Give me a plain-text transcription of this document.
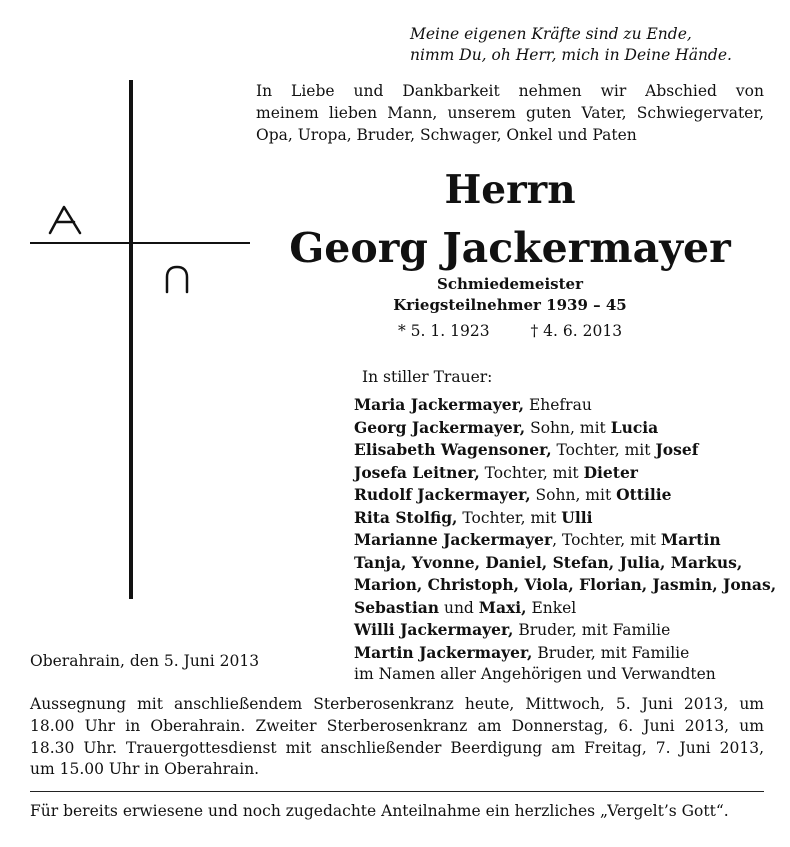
Meine eigenen Kräfte sind zu Ende,
nimm Du, oh Herr, mich in Deine Hände.
In Liebe und Dankbarkeit nehmen wir Abschied von
meinem lieben Mann, unserem guten Vater, Schwiegervater,
Opa, Uropa, Bruder, Schwager, Onkel und Paten
Herrn
Georg Jackermayer
Schmiedemeister
Kriegsteilnehmer 1939 – 45
* 5. 1. 1923	† 4. 6. 2013
In stiller Trauer:
Maria Jackermayer, Ehefrau
Georg Jackermayer, Sohn, mit Lucia
Elisabeth Wagensoner, Tochter, mit Josef
Josefa Leitner, Tochter, mit Dieter
Rudolf Jackermayer, Sohn, mit Ottilie
Rita Stolfig, Tochter, mit Ulli
Marianne Jackermayer, Tochter, mit Martin
Tanja, Yvonne, Daniel, Stefan, Julia, Markus,
Marion, Christoph, Viola, Florian, Jasmin, Jonas,
Sebastian und Maxi, Enkel
Willi Jackermayer, Bruder, mit Familie
Martin Jackermayer, Bruder, mit Familie
im Namen aller Angehörigen und Verwandten
Oberahrain, den 5. Juni 2013
Aussegnung mit anschließendem Sterberosenkranz heute, Mittwoch, 5. Juni 2013, um
18.00 Uhr in Oberahrain. Zweiter Sterberosenkranz am Donnerstag, 6. Juni 2013, um
18.30 Uhr. Trauergottesdienst mit anschließender Beerdigung am Freitag, 7. Juni 2013,
um 15.00 Uhr in Oberahrain.
Für bereits erwiesene und noch zugedachte Anteilnahme ein herzliches „Vergelt’s Gott“.
